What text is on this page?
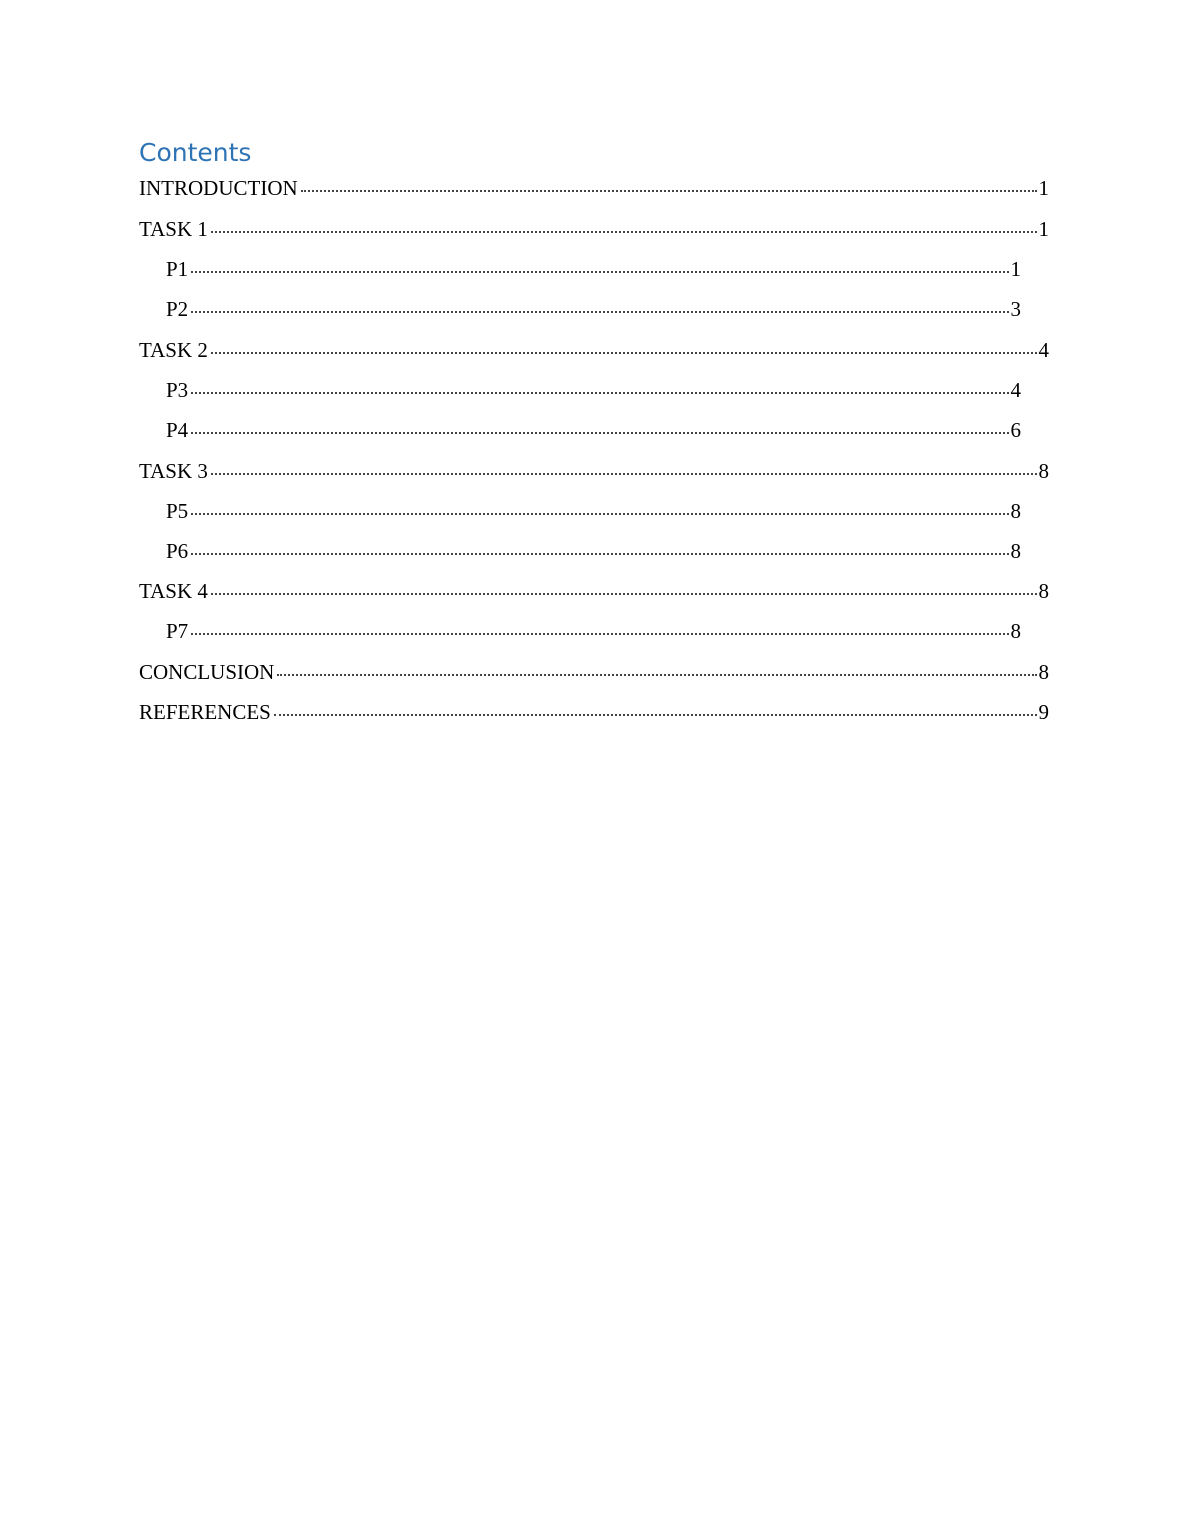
Contents
INTRODUCTION	1
TASK 1	1
P1	1
P2	3
TASK 2	4
P3	4
P4	6
TASK 3	8
P5	8
P6	8
TASK 4	8
P7	8
CONCLUSION	8
REFERENCES	9
